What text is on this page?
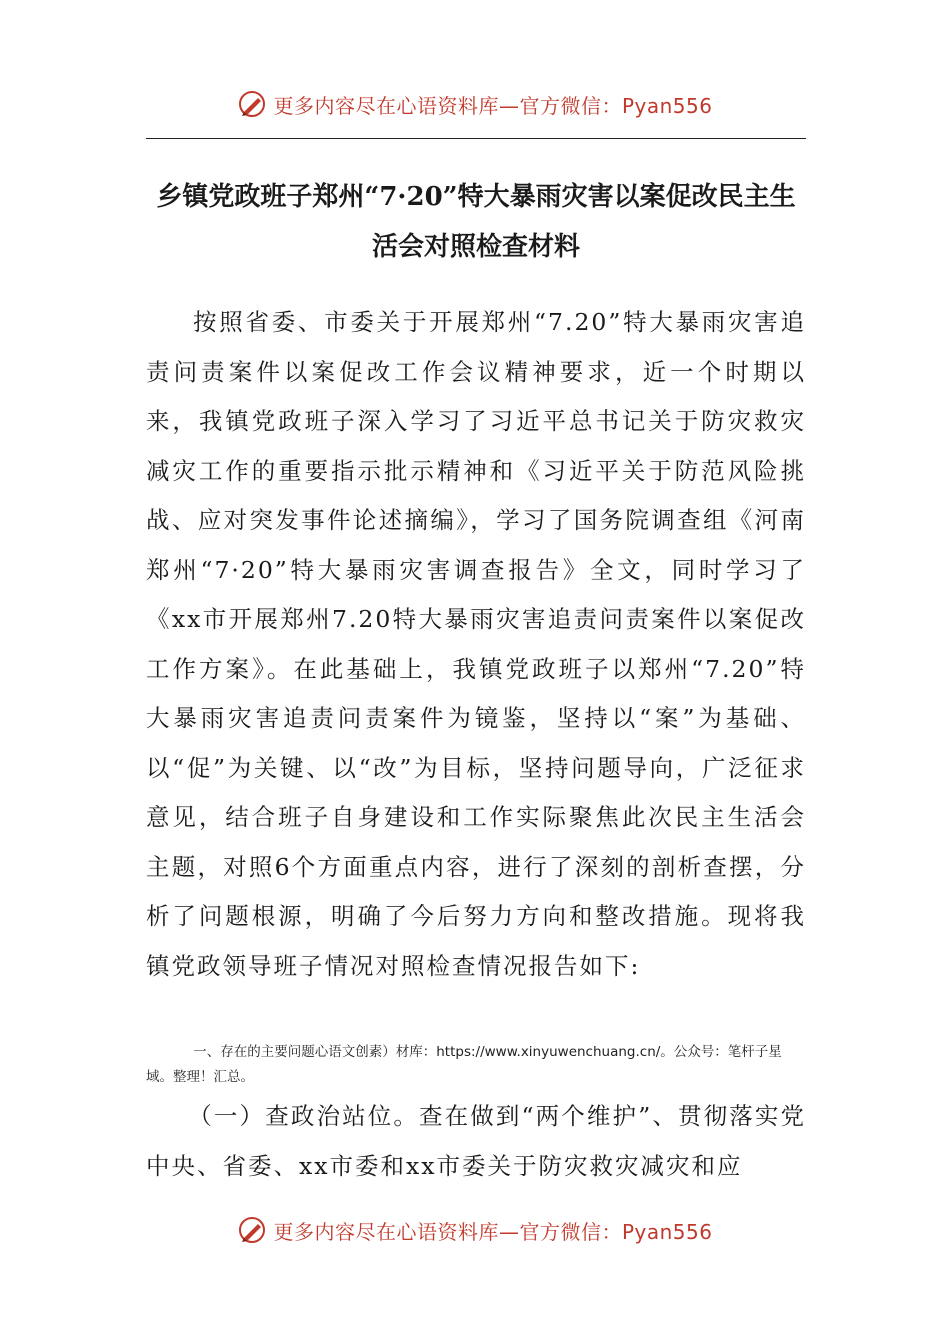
更多内容尽在心语资料库—官方微信：Pyan556
乡镇党政班子郑州“7·20”特大暴雨灾害以案促改民主生
活会对照检查材料
按照省委、市委关于开展郑州“7.20”特大暴雨灾害追责问责案件以案促改工作会议精神要求，近一个时期以来，我镇党政班子深入学习了习近平总书记关于防灾救灾减灾工作的重要指示批示精神和《习近平关于防范风险挑战、应对突发事件论述摘编》，学习了国务院调查组《河南郑州“7·20”特大暴雨灾害调查报告》全文，同时学习了《xx市开展郑州7.20特大暴雨灾害追责问责案件以案促改工作方案》。在此基础上，我镇党政班子以郑州“7.20”特大暴雨灾害追责问责案件为镜鉴，坚持以“案”为基础、以“促”为关键、以“改”为目标，坚持问题导向，广泛征求意见，结合班子自身建设和工作实际聚焦此次民主生活会主题，对照6个方面重点内容，进行了深刻的剖析查摆，分析了问题根源，明确了今后努力方向和整改措施。现将我镇党政领导班子情况对照检查情况报告如下:
一、存在的主要问题心语文创素）材库：https://www.xinyuwenchuang.cn/。公众号：笔杆子星域。整理！汇总。
（一）查政治站位。查在做到“两个维护”、贯彻落实党中央、省委、xx市委和xx市委关于防灾救灾减灾和应
更多内容尽在心语资料库—官方微信：Pyan556
